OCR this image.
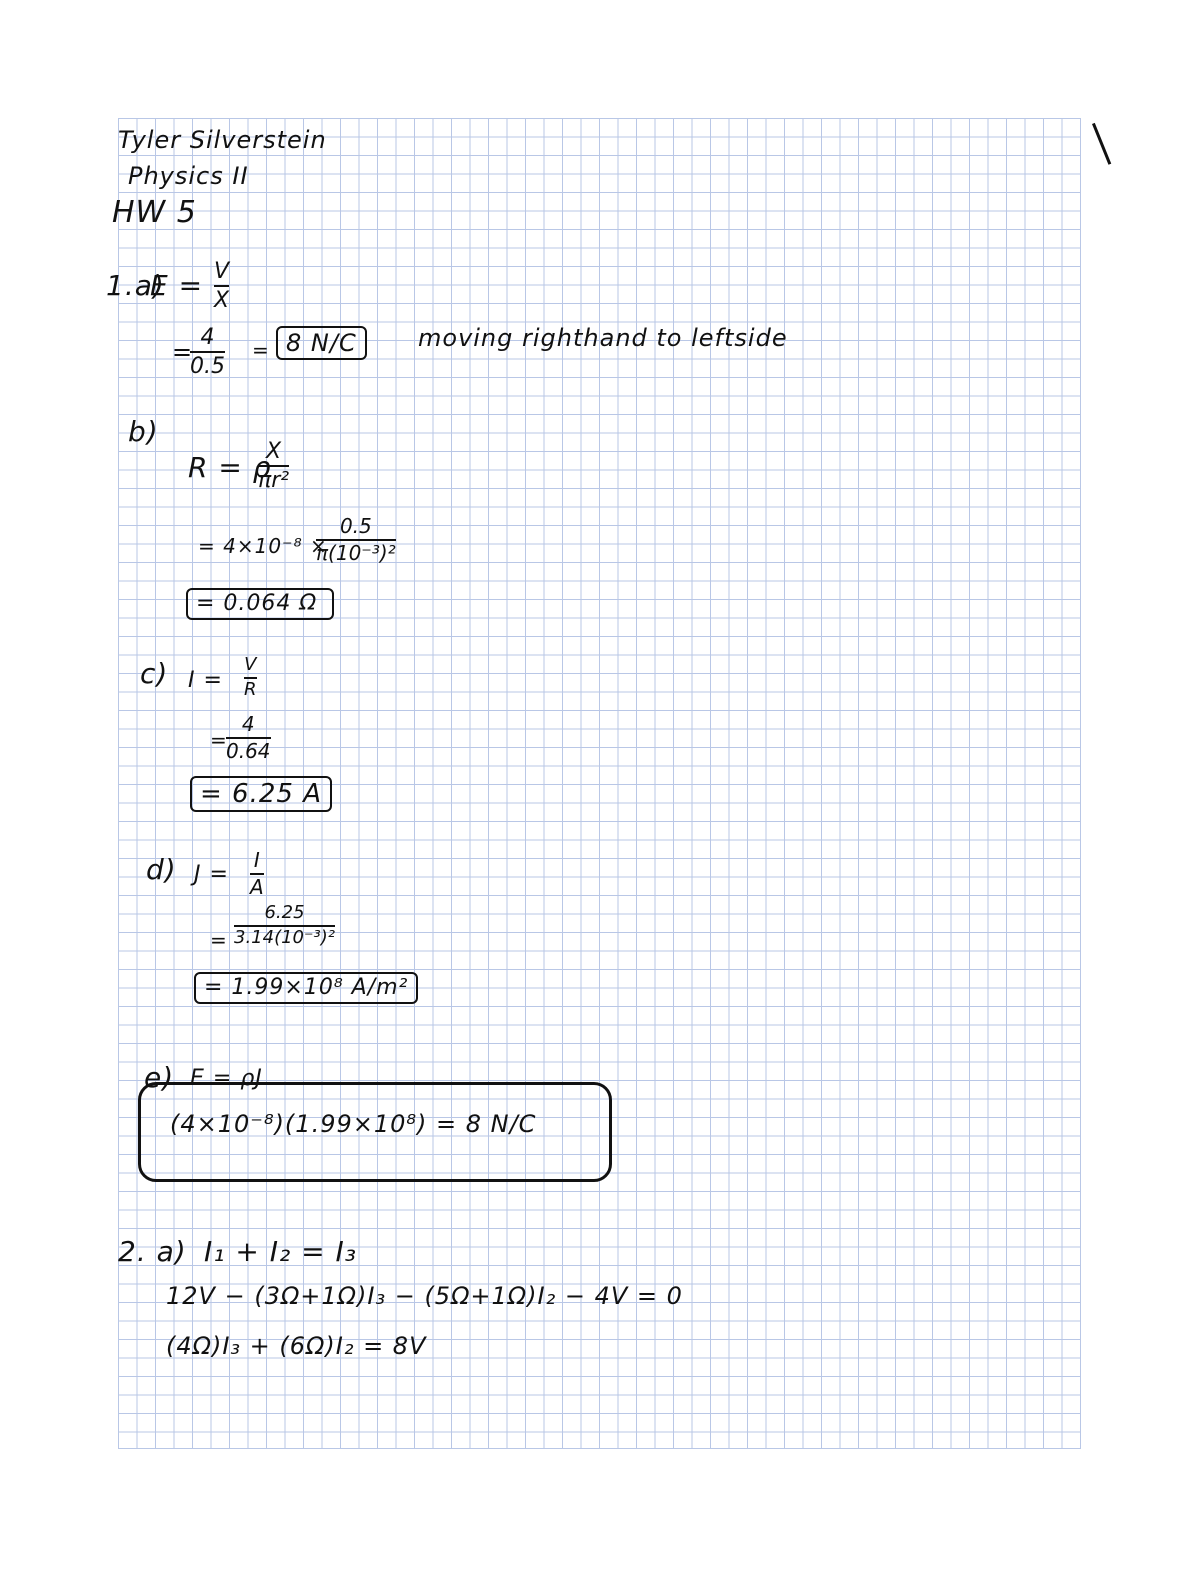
Tyler Silverstein
Physics II
HW 5
1.a)
E = V
X
=
4
0.5
= 8 N/C	moving righthand to leftside
b)
R = ρ
X
πr²
= 4×10⁻⁸ ×
0.5
π(10⁻³)²
= 0.064 Ω
c) I =
V
R
=
4
0.64
= 6.25 A
d) J =
I
A
=
6.25
3.14(10⁻³)²
= 1.99×10⁸ A/m²
e) E = ρJ
(4×10⁻⁸)(1.99×10⁸) = 8 N/C
2. a) I₁ + I₂ = I₃
12V − (3Ω+1Ω)I₃ − (5Ω+1Ω)I₂ − 4V = 0
(4Ω)I₃ + (6Ω)I₂ = 8V
